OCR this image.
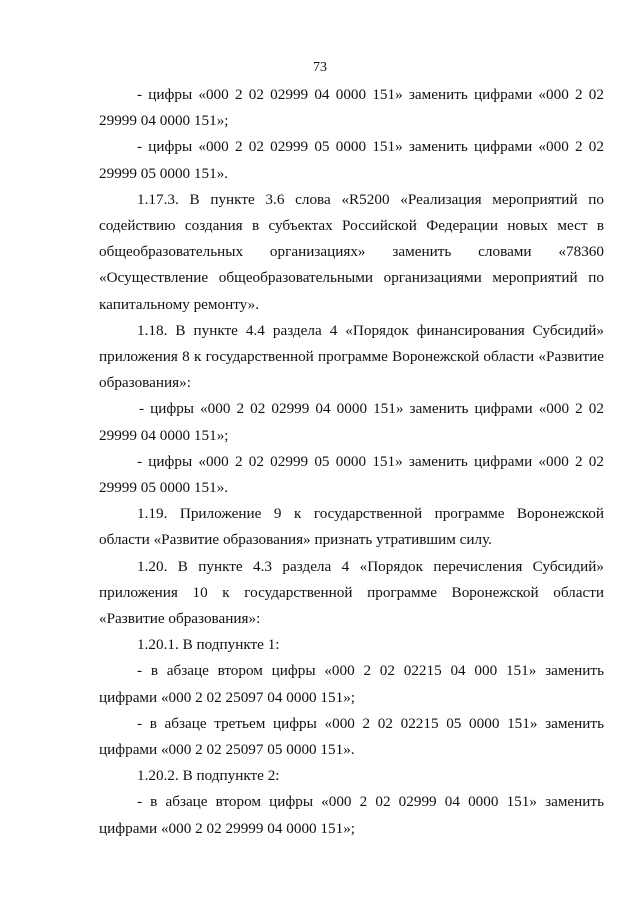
73

- цифры «000 2 02 02999 04 0000 151» заменить цифрами «000 2 02 29999 04 0000 151»;

- цифры «000 2 02 02999 05 0000 151» заменить цифрами «000 2 02 29999 05 0000 151».

1.17.3. В пункте 3.6 слова «R5200 «Реализация мероприятий по содействию создания в субъектах Российской Федерации новых мест в общеобразовательных организациях» заменить словами «78360 «Осуществление общеобразовательными организациями мероприятий по капитальному ремонту».

1.18. В пункте 4.4 раздела 4 «Порядок финансирования Субсидий» приложения 8 к государственной программе Воронежской области «Развитие образования»:

- цифры «000 2 02 02999 04 0000 151» заменить цифрами «000 2 02 29999 04 0000 151»;

- цифры «000 2 02 02999 05 0000 151» заменить цифрами «000 2 02 29999 05 0000 151».

1.19. Приложение 9 к государственной программе Воронежской области «Развитие образования» признать утратившим силу.

1.20. В пункте 4.3 раздела 4 «Порядок перечисления Субсидий» приложения 10 к государственной программе Воронежской области «Развитие образования»:

1.20.1. В подпункте 1:

- в абзаце втором цифры «000 2 02 02215 04 000 151» заменить цифрами «000 2 02 25097 04 0000 151»;

- в абзаце третьем цифры «000 2 02 02215 05 0000 151» заменить цифрами «000 2 02 25097 05 0000 151».

1.20.2. В подпункте 2:

- в абзаце втором цифры «000 2 02 02999 04 0000 151» заменить цифрами «000 2 02 29999 04 0000 151»;
